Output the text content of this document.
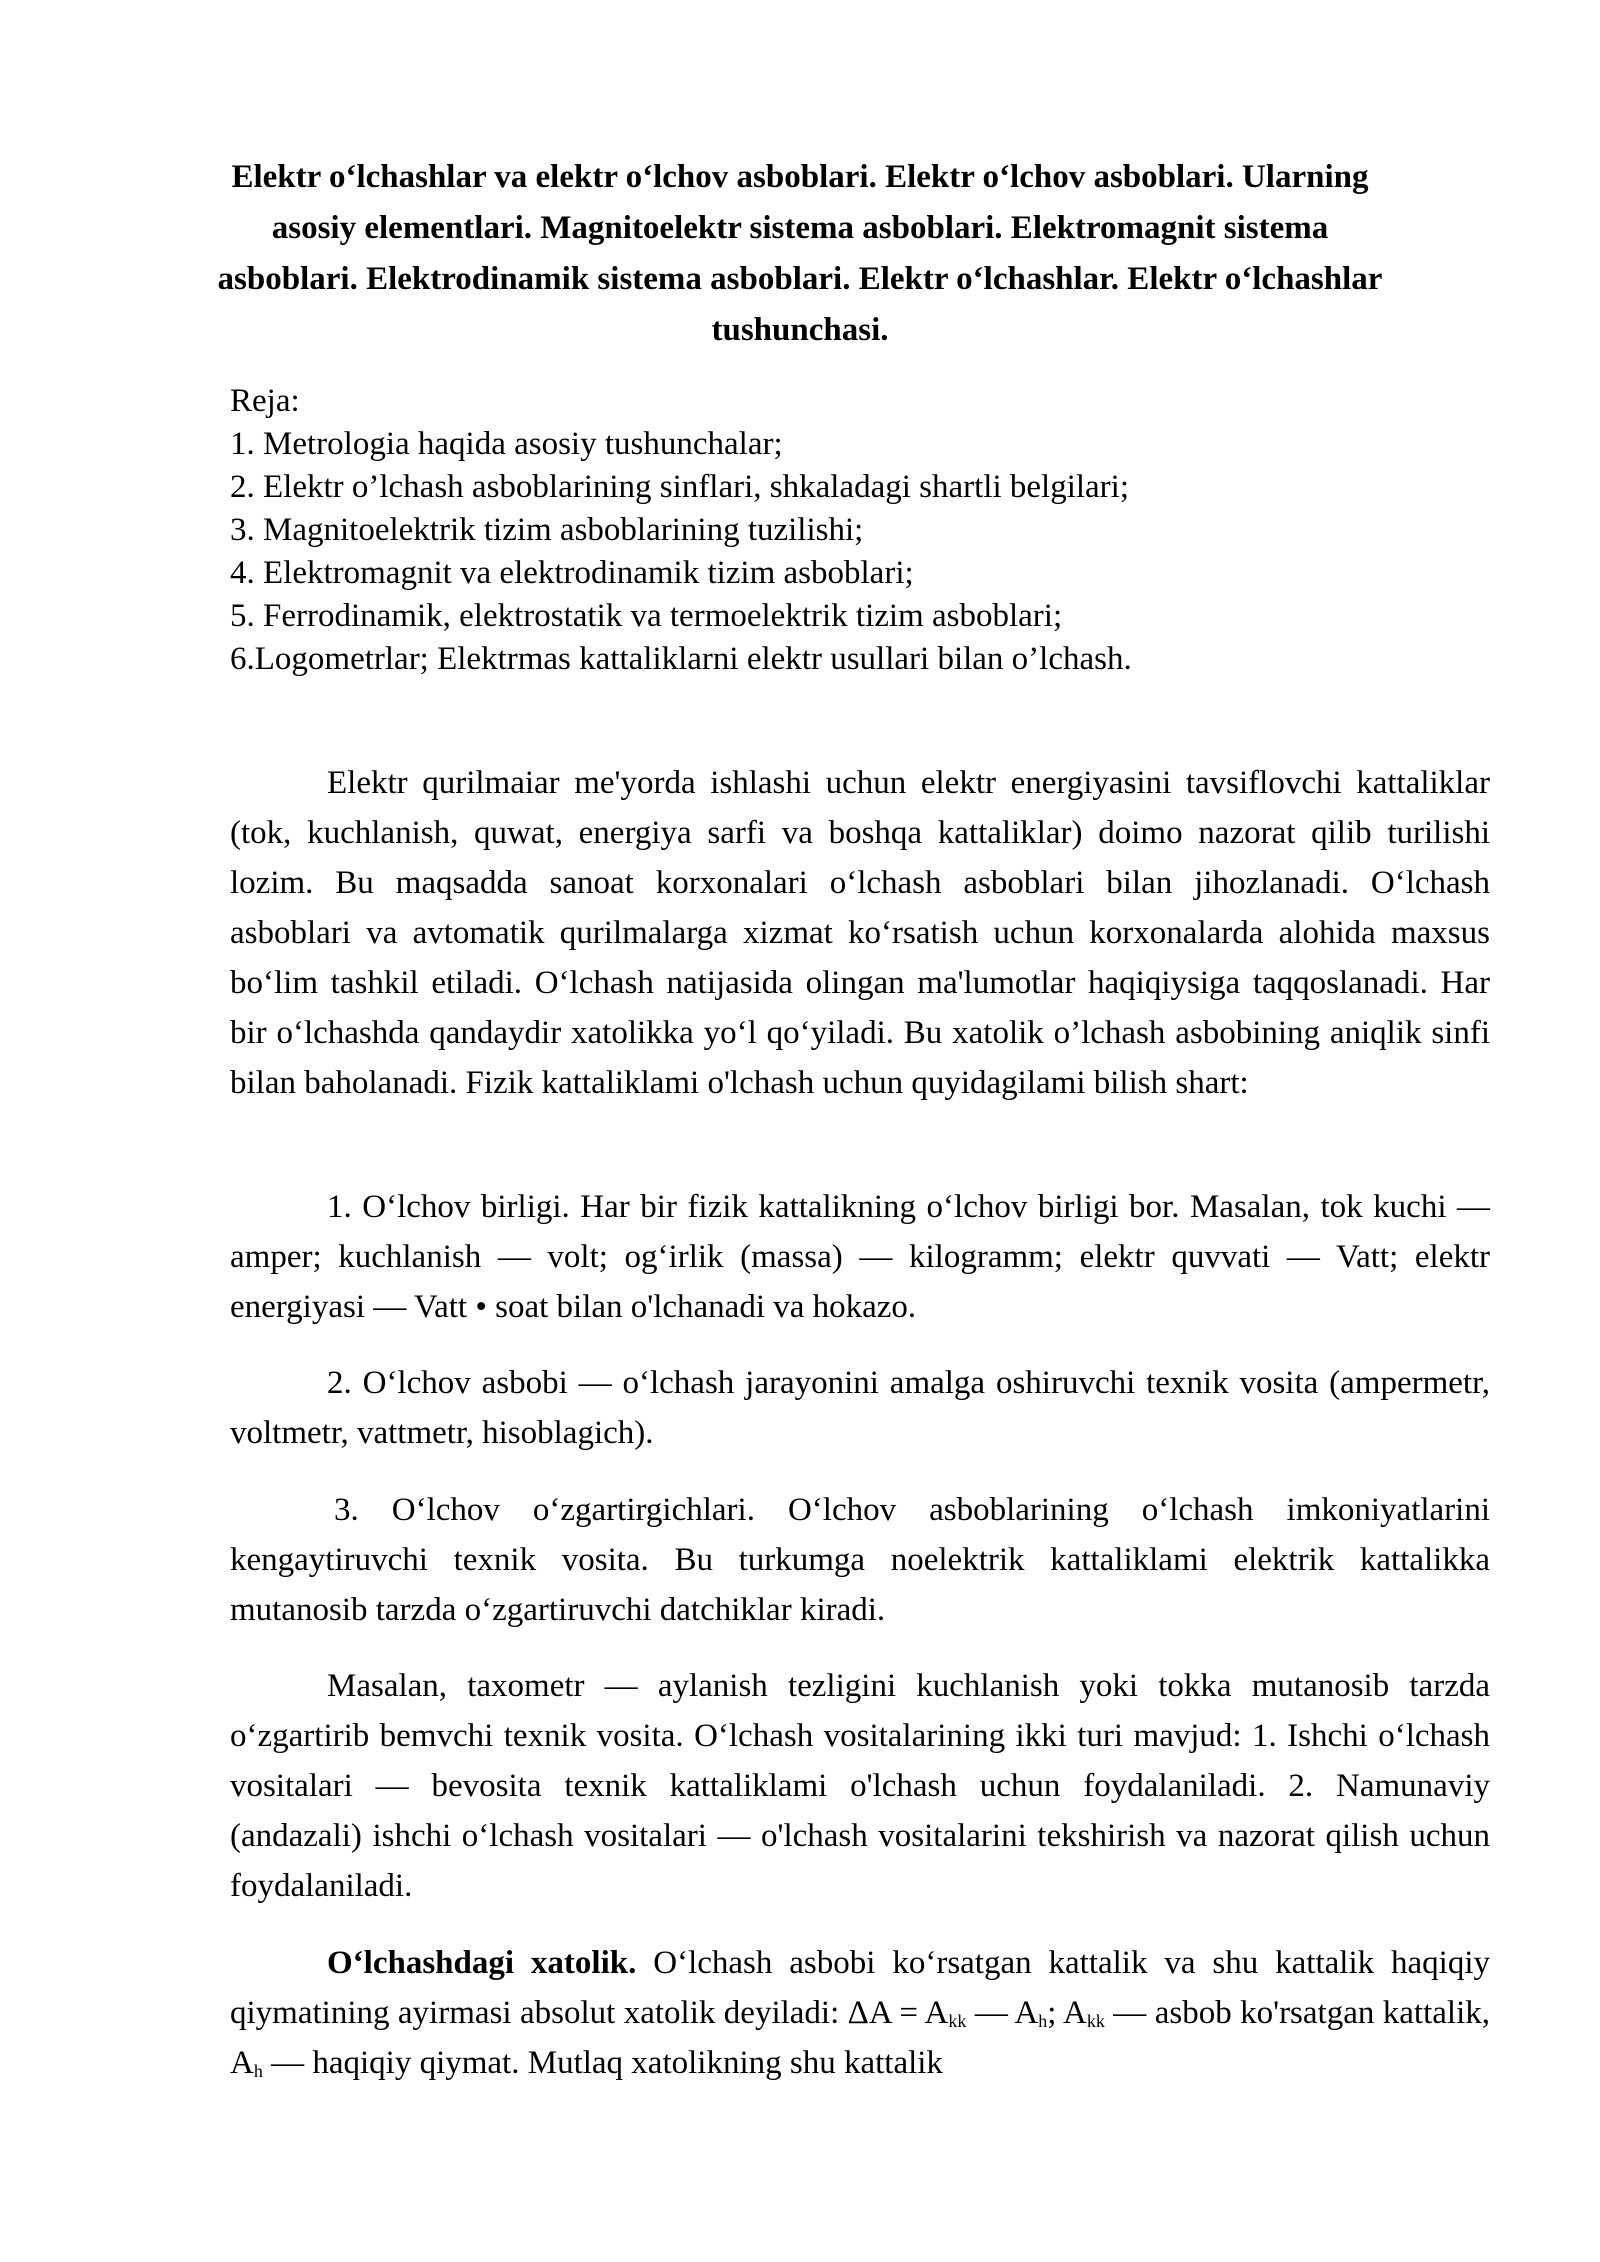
Elektr o‘lchashlar va elektr o‘lchov asboblari. Elektr o‘lchov asboblari. Ularning asosiy elementlari. Magnitoelektr sistema asboblari. Elektromagnit sistema asboblari. Elektrodinamik sistema asboblari. Elektr o‘lchashlar. Elektr o‘lchashlar tushunchasi.
Reja:
1. Metrologia haqida asosiy tushunchalar;
2. Elektr o’lchash asboblarining sinflari, shkaladagi shartli belgilari;
3. Magnitoelektrik tizim asboblarining tuzilishi;
4. Elektromagnit va elektrodinamik tizim asboblari;
5. Ferrodinamik, elektrostatik va termoelektrik tizim asboblari;
6.Logometrlar; Elektrmas kattaliklarni elektr usullari bilan o’lchash.
Elektr qurilmaiar me'yorda ishlashi uchun elektr energiyasini tavsiflovchi kattaliklar (tok, kuchlanish, quwat, energiya sarfi va boshqa kattaliklar) doimo nazorat qilib turilishi lozim. Bu maqsadda sanoat korxonalari o‘lchash asboblari bilan jihozlanadi. O‘lchash asboblari va avtomatik qurilmalarga xizmat ko‘rsatish uchun korxonalarda alohida maxsus bo‘lim tashkil etiladi. O‘lchash natijasida olingan ma'lumotlar haqiqiysiga taqqoslanadi. Har bir o‘lchashda qandaydir xatolikka yo‘l qo‘yiladi. Bu xatolik o’lchash asbobining aniqlik sinfi bilan baholanadi. Fizik kattaliklami o'lchash uchun quyidagilami bilish shart:
1. O‘lchov birligi. Har bir fizik kattalikning o‘lchov birligi bor. Masalan, tok kuchi — amper; kuchlanish — volt; og‘irlik (massa) — kilogramm; elektr quvvati — Vatt; elektr energiyasi — Vatt • soat bilan o'lchanadi va hokazo.
2. O‘lchov asbobi — o‘lchash jarayonini amalga oshiruvchi texnik vosita (ampermetr, voltmetr, vattmetr, hisoblagich).
3. O‘lchov o‘zgartirgichlari. O‘lchov asboblarining o‘lchash imkoniyatlarini kengaytiruvchi texnik vosita. Bu turkumga noelektrik kattaliklami elektrik kattalikka mutanosib tarzda o‘zgartiruvchi datchiklar kiradi.
Masalan, taxometr — aylanish tezligini kuchlanish yoki tokka mutanosib tarzda o‘zgartirib bemvchi texnik vosita. O‘lchash vositalarining ikki turi mavjud: 1. Ishchi o‘lchash vositalari — bevosita texnik kattaliklami o'lchash uchun foydalaniladi. 2. Namunaviy (andazali) ishchi o‘lchash vositalari — o'lchash vositalarini tekshirish va nazorat qilish uchun foydalaniladi.
O‘lchashdagi xatolik. O‘lchash asbobi ko‘rsatgan kattalik va shu kattalik haqiqiy qiymatining ayirmasi absolut xatolik deyiladi: $\Delta A = A_{kk}$ — $A_h$; $A_{kk}$ — asbob ko'rsatgan kattalik, $A_h$ — haqiqiy qiymat. Mutlaq xatolikning shu kattalik
